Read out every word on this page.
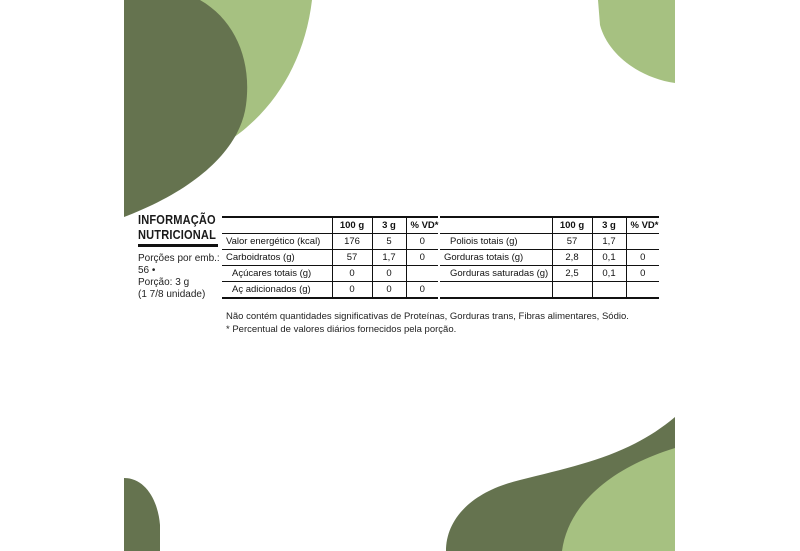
INFORMAÇÃO
NUTRICIONAL
Porções por emb.:
56 •
Porção: 3 g
(1 7/8 unidade)
	100 g	3 g	% VD*
Valor energético (kcal)	176	5	0
Carboidratos (g)	57	1,7	0
Açúcares totais (g)	0	0	
Aç adicionados (g)	0	0	0
	100 g	3 g	% VD*
Poliois totais (g)	57	1,7	
Gorduras totais (g)	2,8	0,1	0
Gorduras saturadas (g)	2,5	0,1	0

Não contém quantidades significativas de Proteínas, Gorduras trans, Fibras alimentares, Sódio.
* Percentual de valores diários fornecidos pela porção.
